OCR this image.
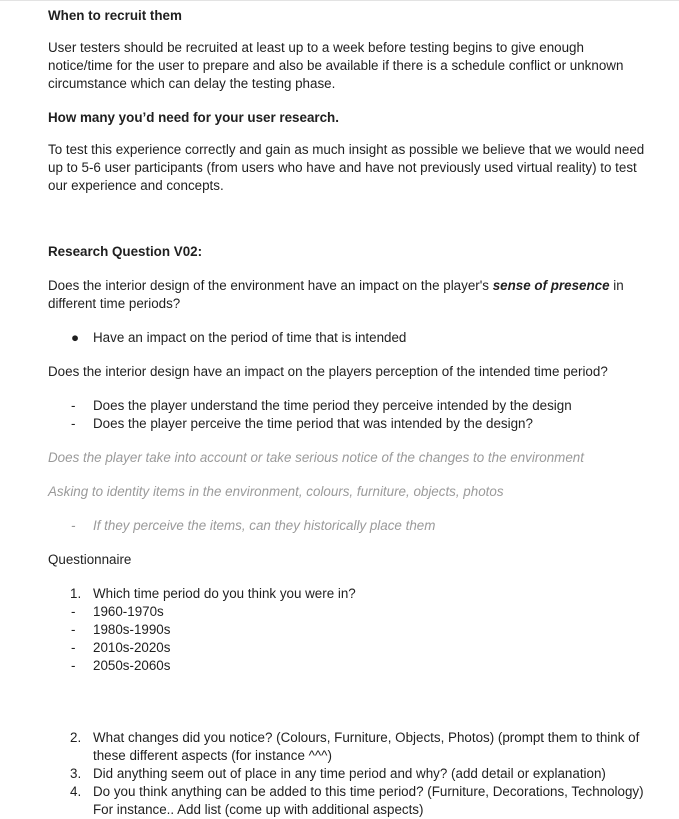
When to recruit them

User testers should be recruited at least up to a week before testing begins to give enough notice/time for the user to prepare and also be available if there is a schedule conflict or unknown circumstance which can delay the testing phase.

How many you’d need for your user research.

To test this experience correctly and gain as much insight as possible we believe that we would need up to 5-6 user participants (from users who have and have not previously used virtual reality) to test our experience and concepts.

Research Question V02:

Does the interior design of the environment have an impact on the player's sense of presence in different time periods?

● Have an impact on the period of time that is intended

Does the interior design have an impact on the players perception of the intended time period?

- Does the player understand the time period they perceive intended by the design
- Does the player perceive the time period that was intended by the design?

Does the player take into account or take serious notice of the changes to the environment

Asking to identity items in the environment, colours, furniture, objects, photos

- If they perceive the items, can they historically place them

Questionnaire

1. Which time period do you think you were in?
- 1960-1970s
- 1980s-1990s
- 2010s-2020s
- 2050s-2060s
2. What changes did you notice? (Colours, Furniture, Objects, Photos) (prompt them to think of these different aspects (for instance ^^^)
3. Did anything seem out of place in any time period and why? (add detail or explanation)
4. Do you think anything can be added to this time period? (Furniture, Decorations, Technology) For instance.. Add list (come up with additional aspects)
